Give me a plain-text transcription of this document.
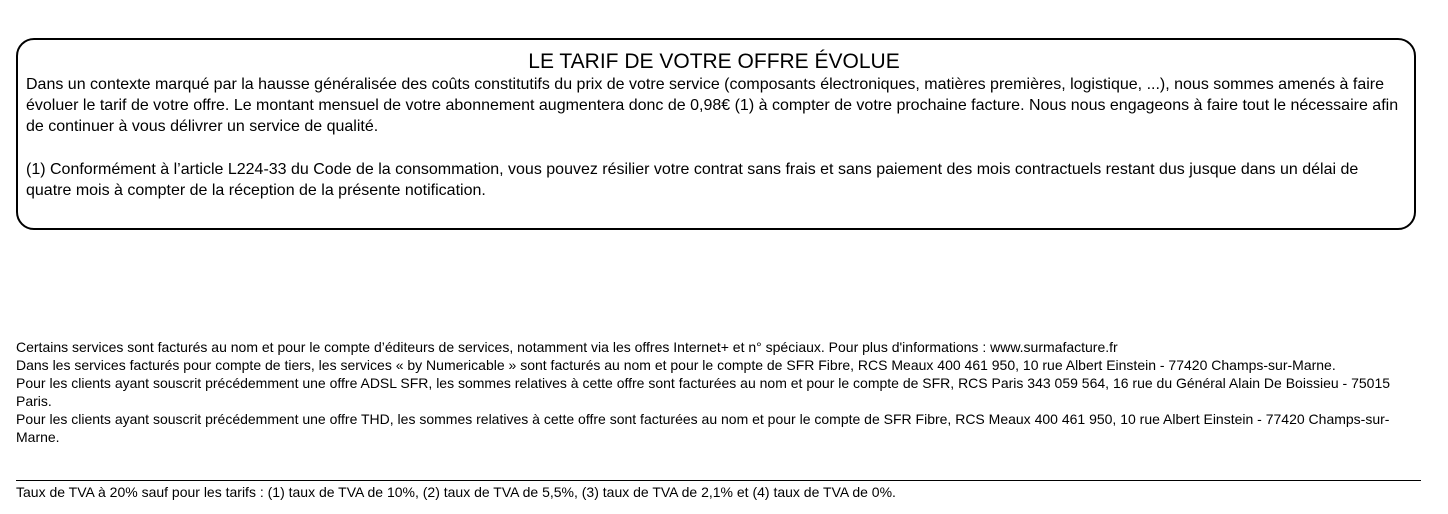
LE TARIF DE VOTRE OFFRE ÉVOLUE

Dans un contexte marqué par la hausse généralisée des coûts constitutifs du prix de votre service (composants électroniques, matières premières, logistique, ...), nous sommes amenés à faire évoluer le tarif de votre offre. Le montant mensuel de votre abonnement augmentera donc de 0,98€ (1) à compter de votre prochaine facture. Nous nous engageons à faire tout le nécessaire afin de continuer à vous délivrer un service de qualité.

(1) Conformément à l’article L224-33 du Code de la consommation, vous pouvez résilier votre contrat sans frais et sans paiement des mois contractuels restant dus jusque dans un délai de quatre mois à compter de la réception de la présente notification.

Certains services sont facturés au nom et pour le compte d’éditeurs de services, notamment via les offres Internet+ et n° spéciaux. Pour plus d'informations : www.surmafacture.fr

Dans les services facturés pour compte de tiers, les services « by Numericable » sont facturés au nom et pour le compte de SFR Fibre, RCS Meaux 400 461 950, 10 rue Albert Einstein - 77420 Champs-sur-Marne.

Pour les clients ayant souscrit précédemment une offre ADSL SFR, les sommes relatives à cette offre sont facturées au nom et pour le compte de SFR, RCS Paris 343 059 564, 16 rue du Général Alain De Boissieu - 75015 Paris.

Pour les clients ayant souscrit précédemment une offre THD, les sommes relatives à cette offre sont facturées au nom et pour le compte de SFR Fibre, RCS Meaux 400 461 950, 10 rue Albert Einstein - 77420 Champs-sur-Marne.

Taux de TVA à 20% sauf pour les tarifs : (1) taux de TVA de 10%, (2) taux de TVA de 5,5%, (3) taux de TVA de 2,1% et (4) taux de TVA de 0%.
